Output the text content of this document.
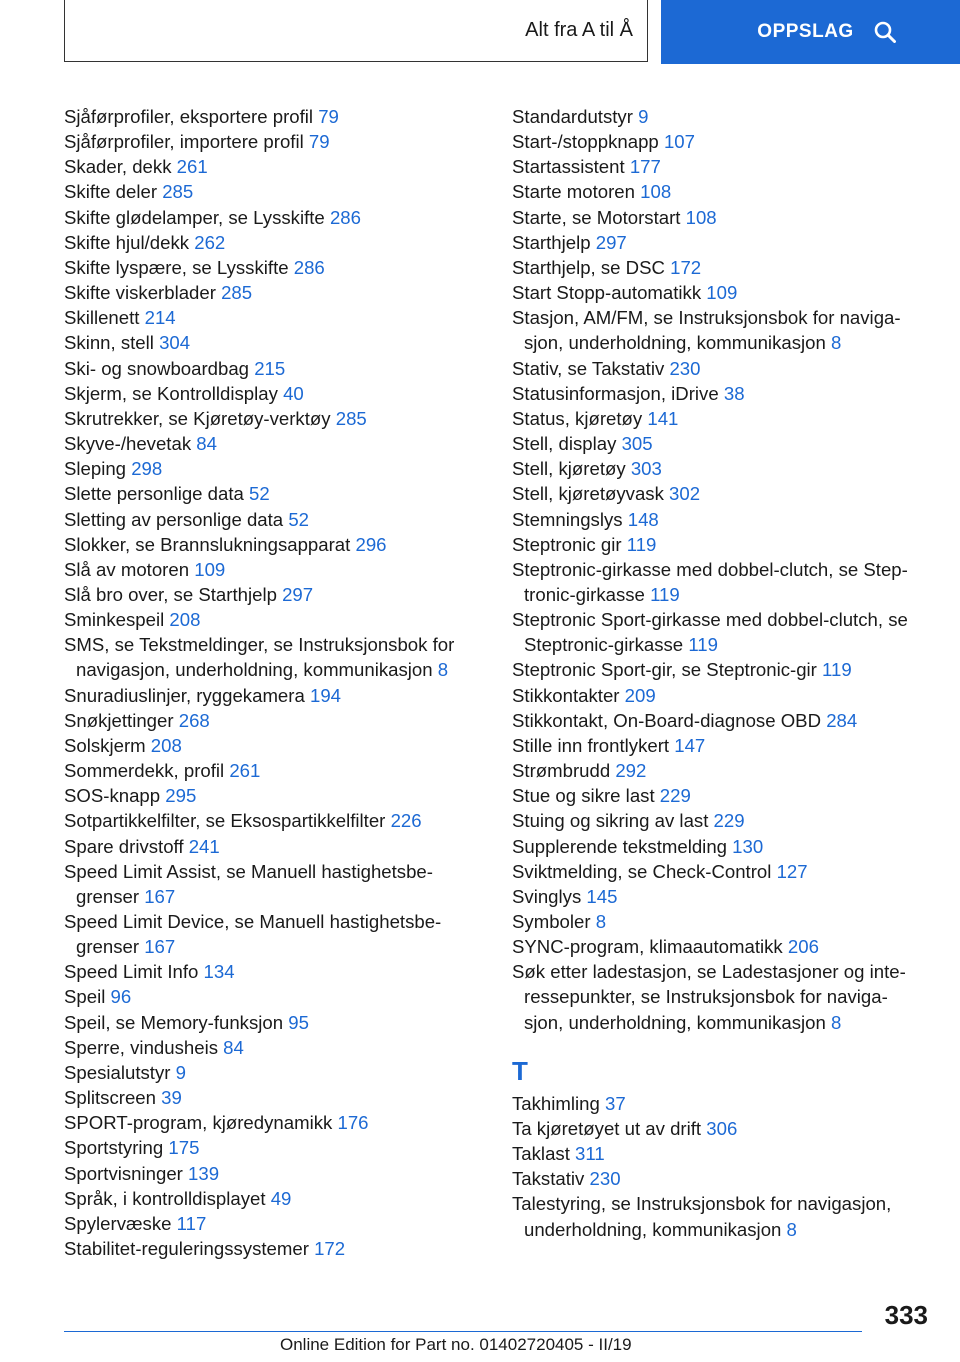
Alt fra A til Å	OPPSLAG
Sjåførprofiler, eksportere profil 79
Sjåførprofiler, importere profil 79
Skader, dekk 261
Skifte deler 285
Skifte glødelamper, se Lysskifte 286
Skifte hjul/dekk 262
Skifte lyspære, se Lysskifte 286
Skifte viskerblader 285
Skillenett 214
Skinn, stell 304
Ski- og snowboardbag 215
Skjerm, se Kontrolldisplay 40
Skrutrekker, se Kjøretøy-verktøy 285
Skyve-/hevetak 84
Sleping 298
Slette personlige data 52
Sletting av personlige data 52
Slokker, se Brannslukningsapparat 296
Slå av motoren 109
Slå bro over, se Starthjelp 297
Sminkespeil 208
SMS, se Tekstmeldinger, se Instruksjonsbok for navigasjon, underholdning, kommunikasjon 8
Snuradiuslinjer, ryggekamera 194
Snøkjettinger 268
Solskjerm 208
Sommerdekk, profil 261
SOS-knapp 295
Sotpartikkelfilter, se Eksospartikkelfilter 226
Spare drivstoff 241
Speed Limit Assist, se Manuell hastighetsbe- grenser 167
Speed Limit Device, se Manuell hastighetsbe- grenser 167
Speed Limit Info 134
Speil 96
Speil, se Memory-funksjon 95
Sperre, vindusheis 84
Spesialutstyr 9
Splitscreen 39
SPORT-program, kjøredynamikk 176
Sportstyring 175
Sportvisninger 139
Språk, i kontrolldisplayet 49
Spylervæske 117
Stabilitet-reguleringssystemer 172
Standardutstyr 9
Start-/stoppknapp 107
Startassistent 177
Starte motoren 108
Starte, se Motorstart 108
Starthjelp 297
Starthjelp, se DSC 172
Start Stopp-automatikk 109
Stasjon, AM/FM, se Instruksjonsbok for naviga- sjon, underholdning, kommunikasjon 8
Stativ, se Takstativ 230
Statusinformasjon, iDrive 38
Status, kjøretøy 141
Stell, display 305
Stell, kjøretøy 303
Stell, kjøretøyvask 302
Stemningslys 148
Steptronic gir 119
Steptronic-girkasse med dobbel-clutch, se Step- tronic-girkasse 119
Steptronic Sport-girkasse med dobbel-clutch, se Steptronic-girkasse 119
Steptronic Sport-gir, se Steptronic-gir 119
Stikkontakter 209
Stikkontakt, On-Board-diagnose OBD 284
Stille inn frontlykert 147
Strømbrudd 292
Stue og sikre last 229
Stuing og sikring av last 229
Supplerende tekstmelding 130
Sviktmelding, se Check-Control 127
Svinglys 145
Symboler 8
SYNC-program, klimaautomatikk 206
Søk etter ladestasjon, se Ladestasjoner og inte- ressepunkter, se Instruksjonsbok for naviga- sjon, underholdning, kommunikasjon 8
T
Takhimling 37
Ta kjøretøyet ut av drift 306
Taklast 311
Takstativ 230
Talestyring, se Instruksjonsbok for navigasjon, underholdning, kommunikasjon 8
333
Online Edition for Part no. 01402720405 - II/19
